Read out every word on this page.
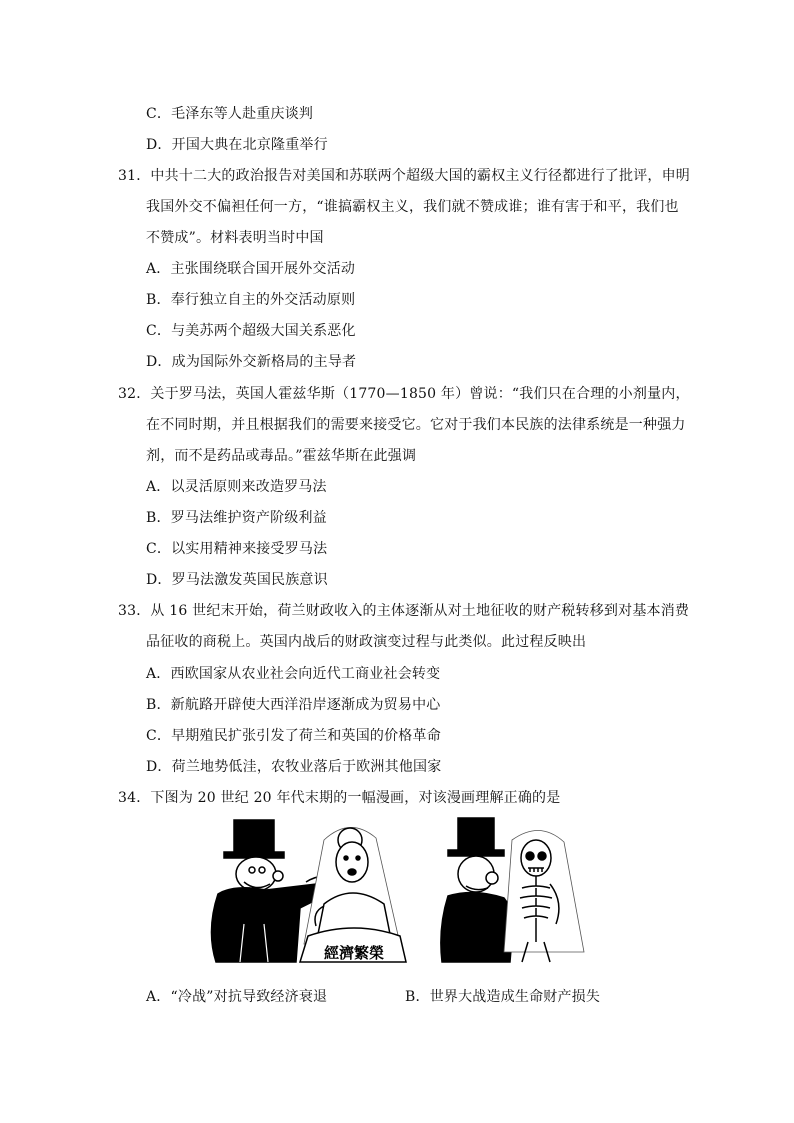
C．毛泽东等人赴重庆谈判
D．开国大典在北京隆重举行
31．中共十二大的政治报告对美国和苏联两个超级大国的霸权主义行径都进行了批评，申明
我国外交不偏袒任何一方，“谁搞霸权主义，我们就不赞成谁；谁有害于和平，我们也
不赞成”。材料表明当时中国
A．主张围绕联合国开展外交活动
B．奉行独立自主的外交活动原则
C．与美苏两个超级大国关系恶化
D．成为国际外交新格局的主导者
32．关于罗马法，英国人霍兹华斯（1770—1850 年）曾说：“我们只在合理的小剂量内，
在不同时期，并且根据我们的需要来接受它。它对于我们本民族的法律系统是一种强力
剂，而不是药品或毒品。”霍兹华斯在此强调
A．以灵活原则来改造罗马法
B．罗马法维护资产阶级利益
C．以实用精神来接受罗马法
D．罗马法激发英国民族意识
33．从 16 世纪末开始，荷兰财政收入的主体逐渐从对土地征收的财产税转移到对基本消费
品征收的商税上。英国内战后的财政演变过程与此类似。此过程反映出
A．西欧国家从农业社会向近代工商业社会转变
B．新航路开辟使大西洋沿岸逐渐成为贸易中心
C．早期殖民扩张引发了荷兰和英国的价格革命
D．荷兰地势低洼，农牧业落后于欧洲其他国家
34．下图为 20 世纪 20 年代末期的一幅漫画，对该漫画理解正确的是
經濟繁榮
A．“冷战”对抗导致经济衰退	B．世界大战造成生命财产损失
